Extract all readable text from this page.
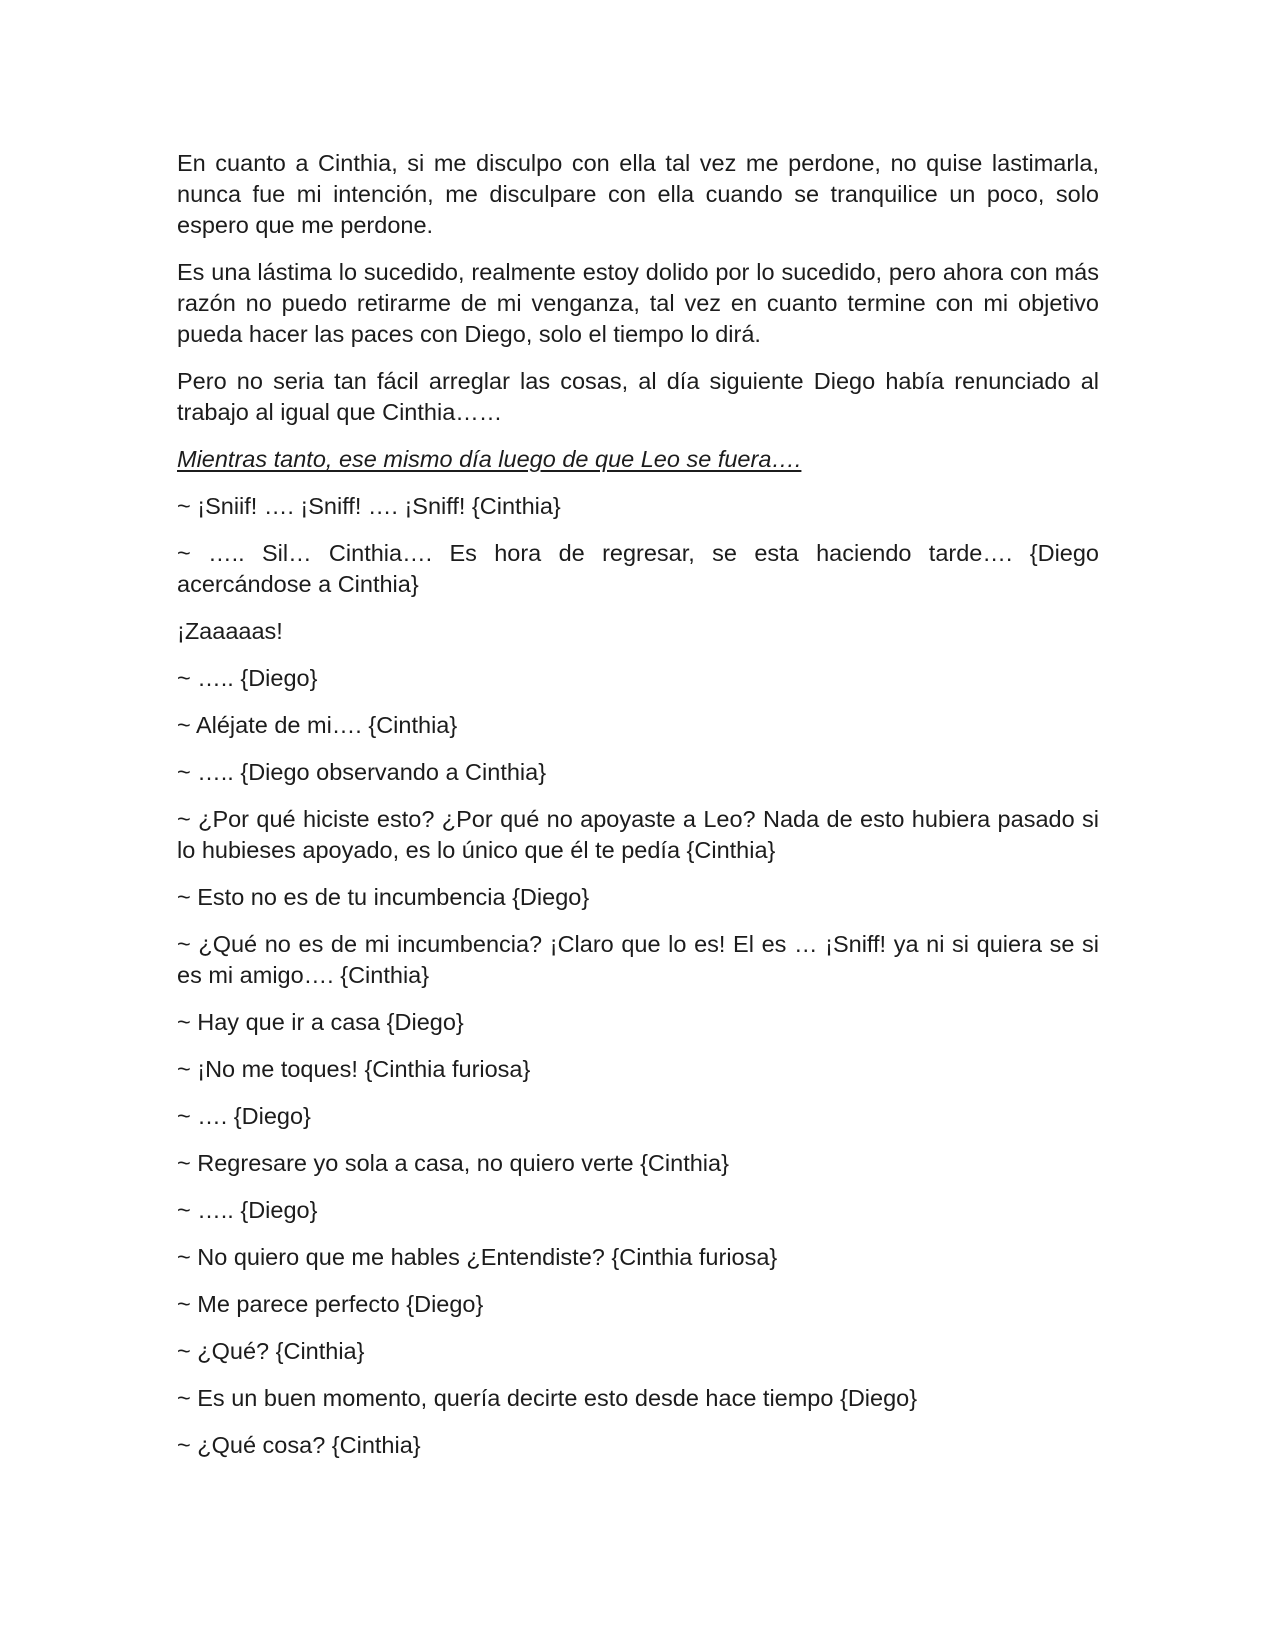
En cuanto a Cinthia, si me disculpo con ella tal vez me perdone, no quise lastimarla, nunca fue mi intención, me disculpare con ella cuando se tranquilice un poco, solo espero que me perdone.

Es una lástima lo sucedido, realmente estoy dolido por lo sucedido, pero ahora con más razón no puedo retirarme de mi venganza, tal vez en cuanto termine con mi objetivo pueda hacer las paces con Diego, solo el tiempo lo dirá.

Pero no seria tan fácil arreglar las cosas, al día siguiente Diego había renunciado al trabajo al igual que Cinthia……

Mientras tanto, ese mismo día luego de que Leo se fuera….

~ ¡Sniif! …. ¡Sniff! …. ¡Sniff! {Cinthia}

~ ….. Sil… Cinthia…. Es hora de regresar, se esta haciendo tarde…. {Diego acercándose a Cinthia}

¡Zaaaaas!

~ ….. {Diego}

~ Aléjate de mi…. {Cinthia}

~ ….. {Diego observando a Cinthia}

~ ¿Por qué hiciste esto? ¿Por qué no apoyaste a Leo? Nada de esto hubiera pasado si lo hubieses apoyado, es lo único que él te pedía {Cinthia}

~ Esto no es de tu incumbencia {Diego}

~ ¿Qué no es de mi incumbencia? ¡Claro que lo es! El es … ¡Sniff! ya ni si quiera se si es mi amigo…. {Cinthia}

~ Hay que ir a casa {Diego}

~ ¡No me toques! {Cinthia furiosa}

~ …. {Diego}

~ Regresare yo sola a casa, no quiero verte {Cinthia}

~ ….. {Diego}

~ No quiero que me hables ¿Entendiste? {Cinthia furiosa}

~ Me parece perfecto {Diego}

~ ¿Qué? {Cinthia}

~ Es un buen momento, quería decirte esto desde hace tiempo {Diego}

~ ¿Qué cosa? {Cinthia}
